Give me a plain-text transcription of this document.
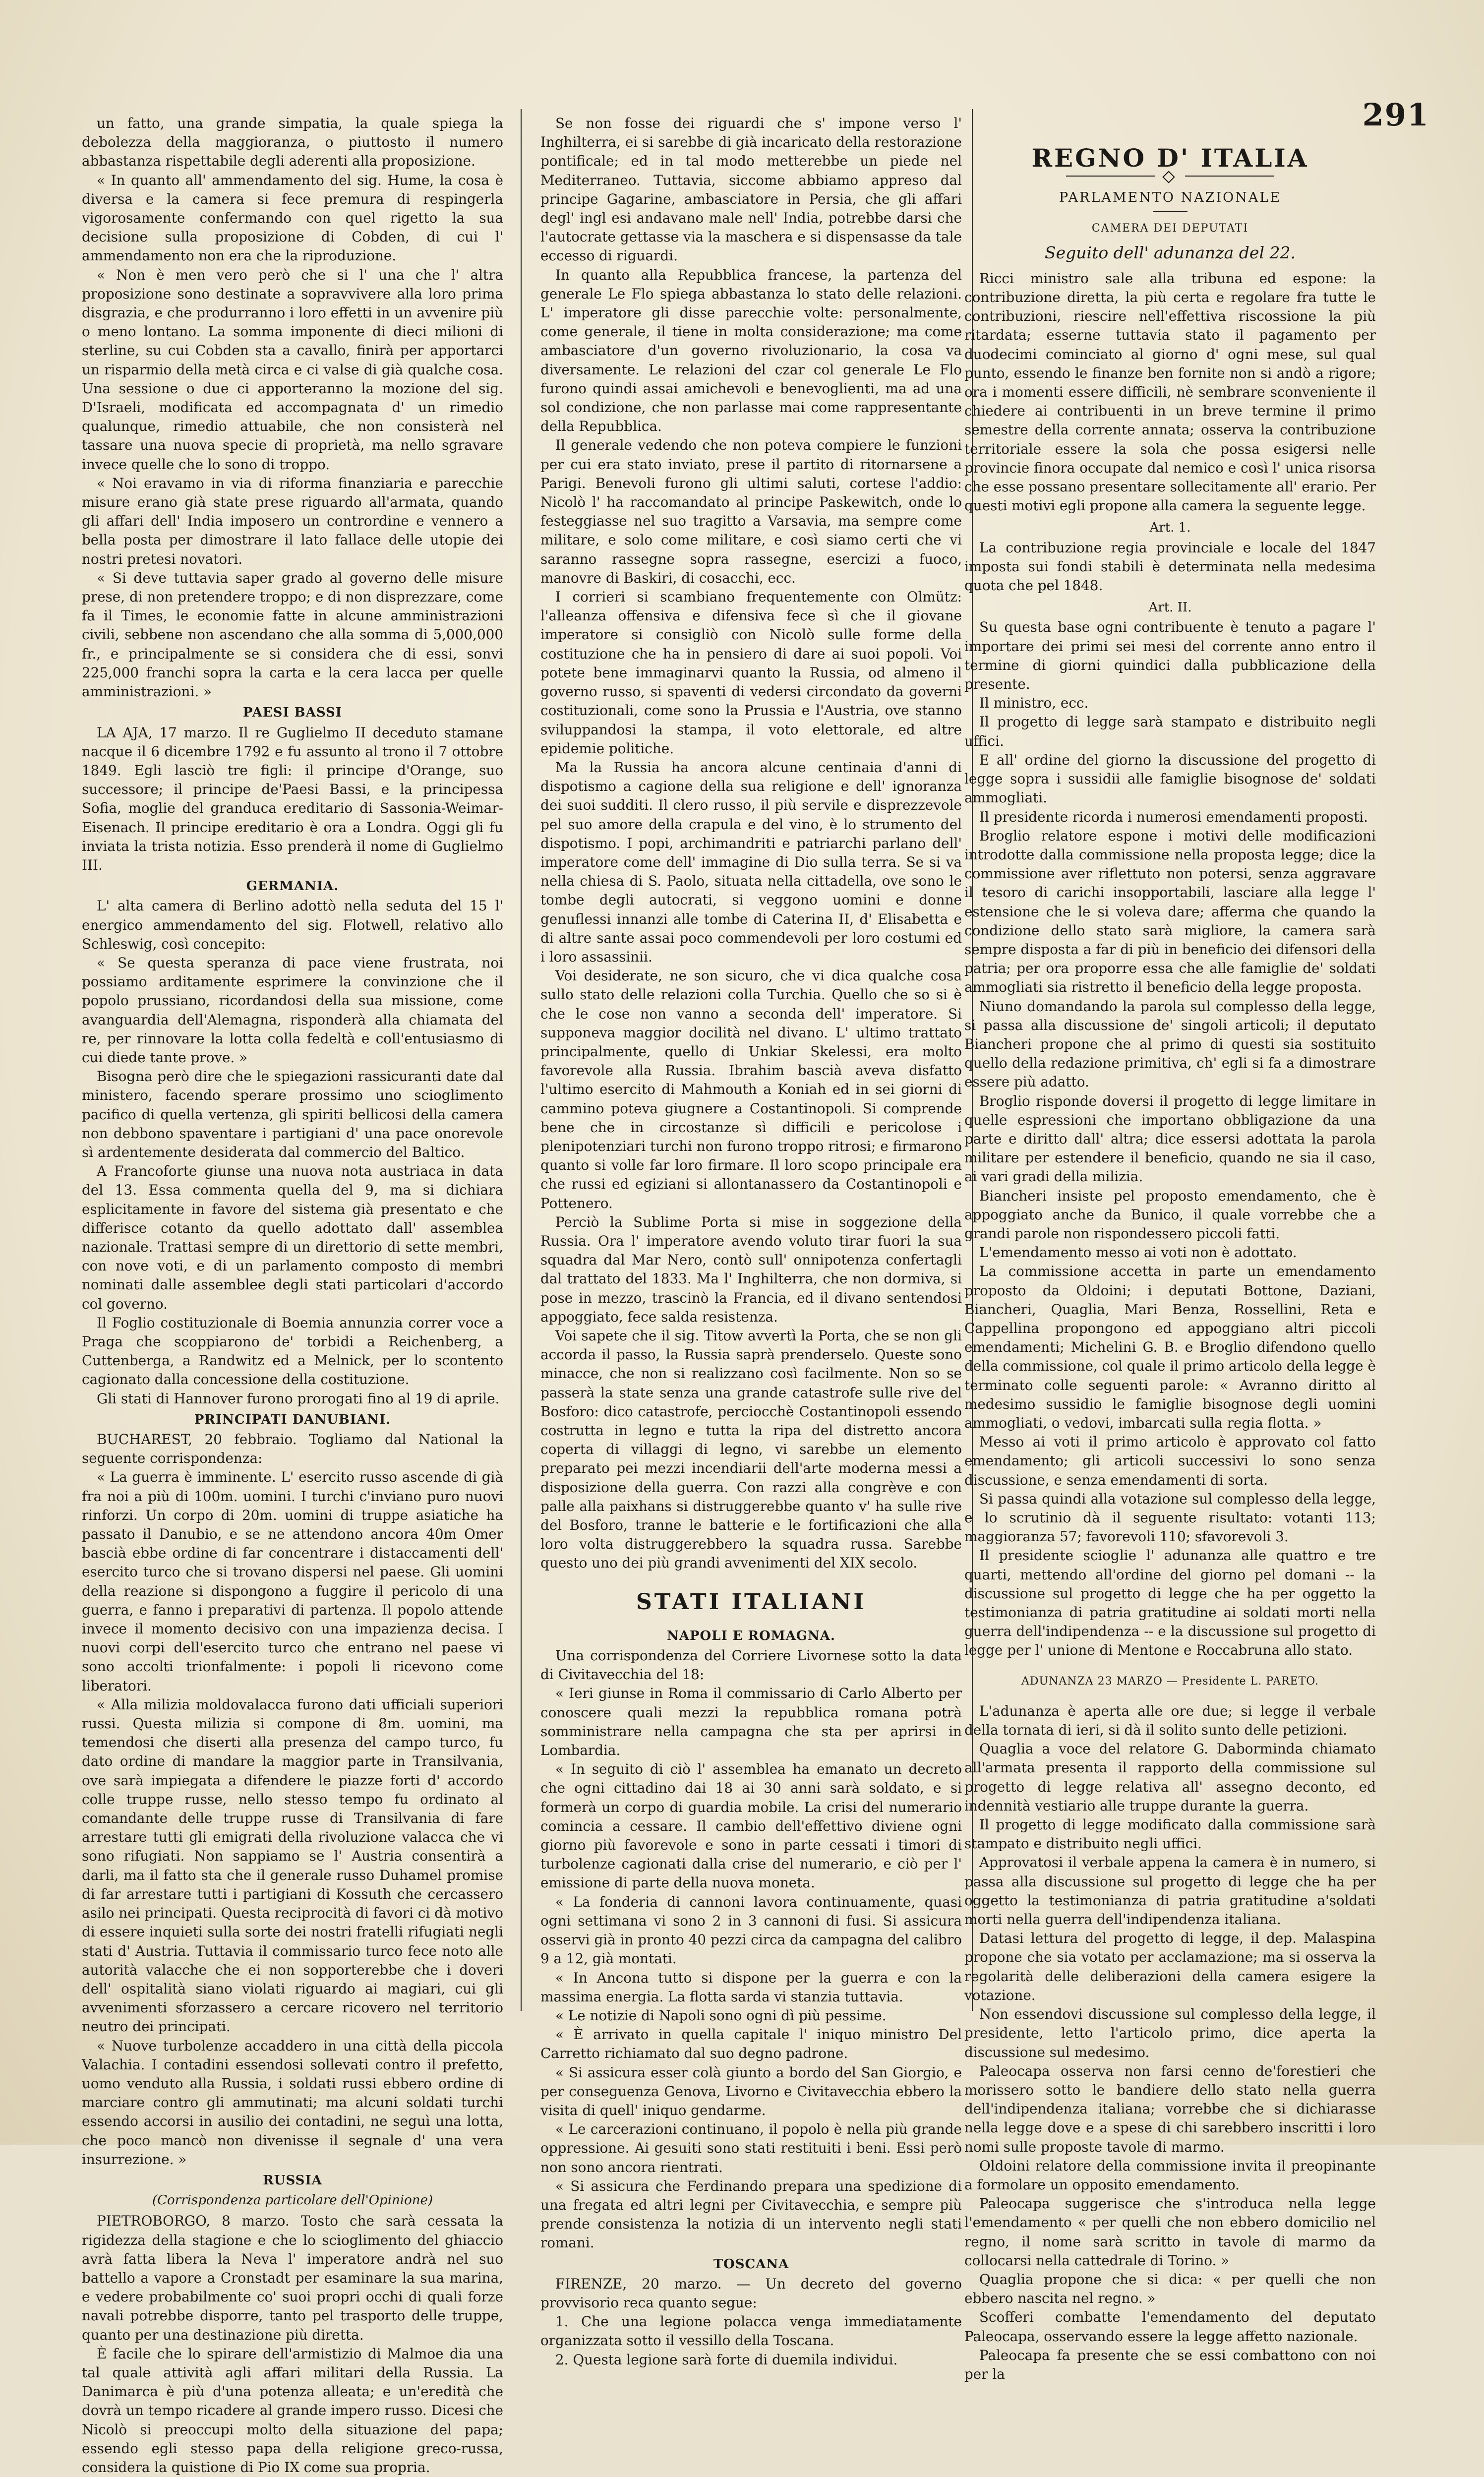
291

un fatto, una grande simpatia, la quale spiega la debolezza della maggioranza, o piuttosto il numero abbastanza rispettabile degli aderenti alla proposizione.

« In quanto all' ammendamento del sig. Hume, la cosa è diversa e la camera si fece premura di respingerla vigorosamente confermando con quel rigetto la sua decisione sulla proposizione di Cobden, di cui l' ammendamento non era che la riproduzione.

« Non è men vero però che si l' una che l' altra proposizione sono destinate a sopravvivere alla loro prima disgrazia, e che produrranno i loro effetti in un avvenire più o meno lontano. La somma imponente di dieci milioni di sterline, su cui Cobden sta a cavallo, finirà per apportarci un risparmio della metà circa e ci valse di già qualche cosa. Una sessione o due ci apporteranno la mozione del sig. D'Israeli, modificata ed accompagnata d' un rimedio qualunque, rimedio attuabile, che non consisterà nel tassare una nuova specie di proprietà, ma nello sgravare invece quelle che lo sono di troppo.

« Noi eravamo in via di riforma finanziaria e parecchie misure erano già state prese riguardo all'armata, quando gli affari dell' India imposero un contrordine e vennero a bella posta per dimostrare il lato fallace delle utopie dei nostri pretesi novatori.

« Si deve tuttavia saper grado al governo delle misure prese, di non pretendere troppo; e di non disprezzare, come fa il Times, le economie fatte in alcune amministrazioni civili, sebbene non ascendano che alla somma di 5,000,000 fr., e principalmente se si considera che di essi, sonvi 225,000 franchi sopra la carta e la cera lacca per quelle amministrazioni. »

PAESI BASSI

LA AJA, 17 marzo. Il re Guglielmo II deceduto stamane nacque il 6 dicembre 1792 e fu assunto al trono il 7 ottobre 1849. Egli lasciò tre figli: il principe d'Orange, suo successore; il principe de'Paesi Bassi, e la principessa Sofia, moglie del granduca ereditario di Sassonia-Weimar-Eisenach. Il principe ereditario è ora a Londra. Oggi gli fu inviata la trista notizia. Esso prenderà il nome di Guglielmo III.

GERMANIA.

L' alta camera di Berlino adottò nella seduta del 15 l' energico ammendamento del sig. Flotwell, relativo allo Schleswig, così concepito:

« Se questa speranza di pace viene frustrata, noi possiamo arditamente esprimere la convinzione che il popolo prussiano, ricordandosi della sua missione, come avanguardia dell'Alemagna, risponderà alla chiamata del re, per rinnovare la lotta colla fedeltà e coll'entusiasmo di cui diede tante prove. »

Bisogna però dire che le spiegazioni rassicuranti date dal ministero, facendo sperare prossimo uno scioglimento pacifico di quella vertenza, gli spiriti bellicosi della camera non debbono spaventare i partigiani d' una pace onorevole sì ardentemente desiderata dal commercio del Baltico.

A Francoforte giunse una nuova nota austriaca in data del 13. Essa commenta quella del 9, ma si dichiara esplicitamente in favore del sistema già presentato e che differisce cotanto da quello adottato dall' assemblea nazionale. Trattasi sempre di un direttorio di sette membri, con nove voti, e di un parlamento composto di membri nominati dalle assemblee degli stati particolari d'accordo col governo.

Il Foglio costituzionale di Boemia annunzia correr voce a Praga che scoppiarono de' torbidi a Reichenberg, a Cuttenberga, a Randwitz ed a Melnick, per lo scontento cagionato dalla concessione della costituzione.

Gli stati di Hannover furono prorogati fino al 19 di aprile.

PRINCIPATI DANUBIANI.

BUCHAREST, 20 febbraio. Togliamo dal National la seguente corrispondenza:

« La guerra è imminente. L' esercito russo ascende di già fra noi a più di 100m. uomini. I turchi c'inviano puro nuovi rinforzi. Un corpo di 20m. uomini di truppe asiatiche ha passato il Danubio, e se ne attendono ancora 40m Omer bascià ebbe ordine di far concentrare i distaccamenti dell' esercito turco che si trovano dispersi nel paese. Gli uomini della reazione si dispongono a fuggire il pericolo di una guerra, e fanno i preparativi di partenza. Il popolo attende invece il momento decisivo con una impazienza decisa. I nuovi corpi dell'esercito turco che entrano nel paese vi sono accolti trionfalmente: i popoli li ricevono come liberatori.

« Alla milizia moldovalacca furono dati ufficiali superiori russi. Questa milizia si compone di 8m. uomini, ma temendosi che diserti alla presenza del campo turco, fu dato ordine di mandare la maggior parte in Transilvania, ove sarà impiegata a difendere le piazze forti d' accordo colle truppe russe, nello stesso tempo fu ordinato al comandante delle truppe russe di Transilvania di fare arrestare tutti gli emigrati della rivoluzione valacca che vi sono rifugiati. Non sappiamo se l' Austria consentirà a darli, ma il fatto sta che il generale russo Duhamel promise di far arrestare tutti i partigiani di Kossuth che cercassero asilo nei principati. Questa reciprocità di favori ci dà motivo di essere inquieti sulla sorte dei nostri fratelli rifugiati negli stati d' Austria. Tuttavia il commissario turco fece noto alle autorità valacche che ei non sopporterebbe che i doveri dell' ospitalità siano violati riguardo ai magiari, cui gli avvenimenti sforzassero a cercare ricovero nel territorio neutro dei principati.

« Nuove turbolenze accaddero in una città della piccola Valachia. I contadini essendosi sollevati contro il prefetto, uomo venduto alla Russia, i soldati russi ebbero ordine di marciare contro gli ammutinati; ma alcuni soldati turchi essendo accorsi in ausilio dei contadini, ne seguì una lotta, che poco mancò non divenisse il segnale d' una vera insurrezione. »

RUSSIA
(Corrispondenza particolare dell'Opinione)

PIETROBORGO, 8 marzo. Tosto che sarà cessata la rigidezza della stagione e che lo scioglimento del ghiaccio avrà fatta libera la Neva l' imperatore andrà nel suo battello a vapore a Cronstadt per esaminare la sua marina, e vedere probabilmente co' suoi propri occhi di quali forze navali potrebbe disporre, tanto pel trasporto delle truppe, quanto per una destinazione più diretta.

È facile che lo spirare dell'armistizio di Malmoe dia una tal quale attività agli affari militari della Russia. La Danimarca è più d'una potenza alleata; e un'eredità che dovrà un tempo ricadere al grande impero russo. Dicesi che Nicolò si preoccupi molto della situazione del papa; essendo egli stesso papa della religione greco-russa, considera la quistione di Pio IX come sua propria.

Se non fosse dei riguardi che s' impone verso l' Inghilterra, ei si sarebbe di già incaricato della restorazione pontificale; ed in tal modo metterebbe un piede nel Mediterraneo. Tuttavia, siccome abbiamo appreso dal principe Gagarine, ambasciatore in Persia, che gli affari degl' ingl esi andavano male nell' India, potrebbe darsi che l'autocrate gettasse via la maschera e si dispensasse da tale eccesso di riguardi.

In quanto alla Repubblica francese, la partenza del generale Le Flo spiega abbastanza lo stato delle relazioni. L' imperatore gli disse parecchie volte: personalmente, come generale, il tiene in molta considerazione; ma come ambasciatore d'un governo rivoluzionario, la cosa va diversamente. Le relazioni del czar col generale Le Flo furono quindi assai amichevoli e benevoglienti, ma ad una sol condizione, che non parlasse mai come rappresentante della Repubblica.

Il generale vedendo che non poteva compiere le funzioni per cui era stato inviato, prese il partito di ritornarsene a Parigi. Benevoli furono gli ultimi saluti, cortese l'addio: Nicolò l' ha raccomandato al principe Paskewitch, onde lo festeggiasse nel suo tragitto a Varsavia, ma sempre come militare, e solo come militare, e così siamo certi che vi saranno rassegne sopra rassegne, esercizi a fuoco, manovre di Baskiri, di cosacchi, ecc.

I corrieri si scambiano frequentemente con Olmütz: l'alleanza offensiva e difensiva fece sì che il giovane imperatore si consigliò con Nicolò sulle forme della costituzione che ha in pensiero di dare ai suoi popoli. Voi potete bene immaginarvi quanto la Russia, od almeno il governo russo, si spaventi di vedersi circondato da governi costituzionali, come sono la Prussia e l'Austria, ove stanno sviluppandosi la stampa, il voto elettorale, ed altre epidemie politiche.

Ma la Russia ha ancora alcune centinaia d'anni di dispotismo a cagione della sua religione e dell' ignoranza dei suoi sudditi. Il clero russo, il più servile e disprezzevole pel suo amore della crapula e del vino, è lo strumento del dispotismo. I popi, archimandriti e patriarchi parlano dell' imperatore come dell' immagine di Dio sulla terra. Se si va nella chiesa di S. Paolo, situata nella cittadella, ove sono le tombe degli autocrati, si veggono uomini e donne genuflessi innanzi alle tombe di Caterina II, d' Elisabetta e di altre sante assai poco commendevoli per loro costumi ed i loro assassinii.

Voi desiderate, ne son sicuro, che vi dica qualche cosa sullo stato delle relazioni colla Turchia. Quello che so si è che le cose non vanno a seconda dell' imperatore. Si supponeva maggior docilità nel divano. L' ultimo trattato principalmente, quello di Unkiar Skelessi, era molto favorevole alla Russia. Ibrahim bascià aveva disfatto l'ultimo esercito di Mahmouth a Koniah ed in sei giorni di cammino poteva giugnere a Costantinopoli. Si comprende bene che in circostanze sì difficili e pericolose i plenipotenziari turchi non furono troppo ritrosi; e firmarono quanto si volle far loro firmare. Il loro scopo principale era che russi ed egiziani si allontanassero da Costantinopoli e Pottenero.

Perciò la Sublime Porta si mise in soggezione della Russia. Ora l' imperatore avendo voluto tirar fuori la sua squadra dal Mar Nero, contò sull' onnipotenza confertagli dal trattato del 1833. Ma l' Inghilterra, che non dormiva, si pose in mezzo, trascinò la Francia, ed il divano sentendosi appoggiato, fece salda resistenza.

Voi sapete che il sig. Titow avvertì la Porta, che se non gli accorda il passo, la Russia saprà prenderselo. Queste sono minacce, che non si realizzano così facilmente. Non so se passerà la state senza una grande catastrofe sulle rive del Bosforo: dico catastrofe, perciocchè Costantinopoli essendo costrutta in legno e tutta la ripa del distretto ancora coperta di villaggi di legno, vi sarebbe un elemento preparato pei mezzi incendiarii dell'arte moderna messi a disposizione della guerra. Con razzi alla congrève e con palle alla paixhans si distruggerebbe quanto v' ha sulle rive del Bosforo, tranne le batterie e le fortificazioni che alla loro volta distruggerebbero la squadra russa. Sarebbe questo uno dei più grandi avvenimenti del XIX secolo.

STATI ITALIANI
NAPOLI E ROMAGNA.

Una corrispondenza del Corriere Livornese sotto la data di Civitavecchia del 18:

« Ieri giunse in Roma il commissario di Carlo Alberto per conoscere quali mezzi la repubblica romana potrà somministrare nella campagna che sta per aprirsi in Lombardia.

« In seguito di ciò l' assemblea ha emanato un decreto che ogni cittadino dai 18 ai 30 anni sarà soldato, e si formerà un corpo di guardia mobile. La crisi del numerario comincia a cessare. Il cambio dell'effettivo diviene ogni giorno più favorevole e sono in parte cessati i timori di turbolenze cagionati dalla crise del numerario, e ciò per l' emissione di parte della nuova moneta.

« La fonderia di cannoni lavora continuamente, quasi ogni settimana vi sono 2 in 3 cannoni di fusi. Si assicura osservi già in pronto 40 pezzi circa da campagna del calibro 9 a 12, già montati.

« In Ancona tutto si dispone per la guerra e con la massima energia. La flotta sarda vi stanzia tuttavia.

« Le notizie di Napoli sono ogni dì più pessime.

« È arrivato in quella capitale l' iniquo ministro Del Carretto richiamato dal suo degno padrone.

« Si assicura esser colà giunto a bordo del San Giorgio, e per conseguenza Genova, Livorno e Civitavecchia ebbero la visita di quell' iniquo gendarme.

« Le carcerazioni continuano, il popolo è nella più grande oppressione. Ai gesuiti sono stati restituiti i beni. Essi però non sono ancora rientrati.

« Si assicura che Ferdinando prepara una spedizione di una fregata ed altri legni per Civitavecchia, e sempre più prende consistenza la notizia di un intervento negli stati romani.

TOSCANA

FIRENZE, 20 marzo. — Un decreto del governo provvisorio reca quanto segue:

1. Che una legione polacca venga immediatamente organizzata sotto il vessillo della Toscana.

2. Questa legione sarà forte di duemila individui.

REGNO D' ITALIA
PARLAMENTO NAZIONALE
CAMERA DEI DEPUTATI
Seguito dell' adunanza del 22.

Ricci ministro sale alla tribuna ed espone: la contribuzione diretta, la più certa e regolare fra tutte le contribuzioni, riescire nell'effettiva riscossione la più ritardata; esserne tuttavia stato il pagamento per duodecimi cominciato al giorno d' ogni mese, sul qual punto, essendo le finanze ben fornite non si andò a rigore; ora i momenti essere difficili, nè sembrare sconveniente il chiedere ai contribuenti in un breve termine il primo semestre della corrente annata; osserva la contribuzione territoriale essere la sola che possa esigersi nelle provincie finora occupate dal nemico e così l' unica risorsa che esse possano presentare sollecitamente all' erario. Per questi motivi egli propone alla camera la seguente legge.

Art. 1.

La contribuzione regia provinciale e locale del 1847 imposta sui fondi stabili è determinata nella medesima quota che pel 1848.

Art. II.

Su questa base ogni contribuente è tenuto a pagare l' importare dei primi sei mesi del corrente anno entro il termine di giorni quindici dalla pubblicazione della presente.

Il ministro, ecc.

Il progetto di legge sarà stampato e distribuito negli uffici.

E all' ordine del giorno la discussione del progetto di legge sopra i sussidii alle famiglie bisognose de' soldati ammogliati.

Il presidente ricorda i numerosi emendamenti proposti.

Broglio relatore espone i motivi delle modificazioni introdotte dalla commissione nella proposta legge; dice la commissione aver riflettuto non potersi, senza aggravare il tesoro di carichi insopportabili, lasciare alla legge l' estensione che le si voleva dare; afferma che quando la condizione dello stato sarà migliore, la camera sarà sempre disposta a far di più in beneficio dei difensori della patria; per ora proporre essa che alle famiglie de' soldati ammogliati sia ristretto il beneficio della legge proposta.

Niuno domandando la parola sul complesso della legge, si passa alla discussione de' singoli articoli; il deputato Biancheri propone che al primo di questi sia sostituito quello della redazione primitiva, ch' egli si fa a dimostrare essere più adatto.

Broglio risponde doversi il progetto di legge limitare in quelle espressioni che importano obbligazione da una parte e diritto dall' altra; dice essersi adottata la parola militare per estendere il beneficio, quando ne sia il caso, ai vari gradi della milizia.

Biancheri insiste pel proposto emendamento, che è appoggiato anche da Bunico, il quale vorrebbe che a grandi parole non rispondessero piccoli fatti.

L'emendamento messo ai voti non è adottato.

La commissione accetta in parte un emendamento proposto da Oldoini; i deputati Bottone, Daziani, Biancheri, Quaglia, Mari Benza, Rossellini, Reta e Cappellina propongono ed appoggiano altri piccoli emendamenti; Michelini G. B. e Broglio difendono quello della commissione, col quale il primo articolo della legge è terminato colle seguenti parole: « Avranno diritto al medesimo sussidio le famiglie bisognose degli uomini ammogliati, o vedovi, imbarcati sulla regia flotta. »

Messo ai voti il primo articolo è approvato col fatto emendamento; gli articoli successivi lo sono senza discussione, e senza emendamenti di sorta.

Si passa quindi alla votazione sul complesso della legge, e lo scrutinio dà il seguente risultato: votanti 113; maggioranza 57; favorevoli 110; sfavorevoli 3.

Il presidente scioglie l' adunanza alle quattro e tre quarti, mettendo all'ordine del giorno pel domani -- la discussione sul progetto di legge che ha per oggetto la testimonianza di patria gratitudine ai soldati morti nella guerra dell'indipendenza -- e la discussione sul progetto di legge per l' unione di Mentone e Roccabruna allo stato.

ADUNANZA 23 MARZO — Presidente L. PARETO.

L'adunanza è aperta alle ore due; si legge il verbale della tornata di ieri, si dà il solito sunto delle petizioni.

Quaglia a voce del relatore G. Daborminda chiamato all'armata presenta il rapporto della commissione sul progetto di legge relativa all' assegno deconto, ed indennità vestiario alle truppe durante la guerra.

Il progetto di legge modificato dalla commissione sarà stampato e distribuito negli uffici.

Approvatosi il verbale appena la camera è in numero, si passa alla discussione sul progetto di legge che ha per oggetto la testimonianza di patria gratitudine a'soldati morti nella guerra dell'indipendenza italiana.

Datasi lettura del progetto di legge, il dep. Malaspina propone che sia votato per acclamazione; ma si osserva la regolarità delle deliberazioni della camera esigere la votazione.

Non essendovi discussione sul complesso della legge, il presidente, letto l'articolo primo, dice aperta la discussione sul medesimo.

Paleocapa osserva non farsi cenno de'forestieri che morissero sotto le bandiere dello stato nella guerra dell'indipendenza italiana; vorrebbe che si dichiarasse nella legge dove e a spese di chi sarebbero inscritti i loro nomi sulle proposte tavole di marmo.

Oldoini relatore della commissione invita il preopinante a formolare un opposito emendamento.

Paleocapa suggerisce che s'introduca nella legge l'emendamento « per quelli che non ebbero domicilio nel regno, il nome sarà scritto in tavole di marmo da collocarsi nella cattedrale di Torino. »

Quaglia propone che si dica: « per quelli che non ebbero nascita nel regno. »

Scofferi combatte l'emendamento del deputato Paleocapa, osservando essere la legge affetto nazionale.

Paleocapa fa presente che se essi combattono con noi per la
